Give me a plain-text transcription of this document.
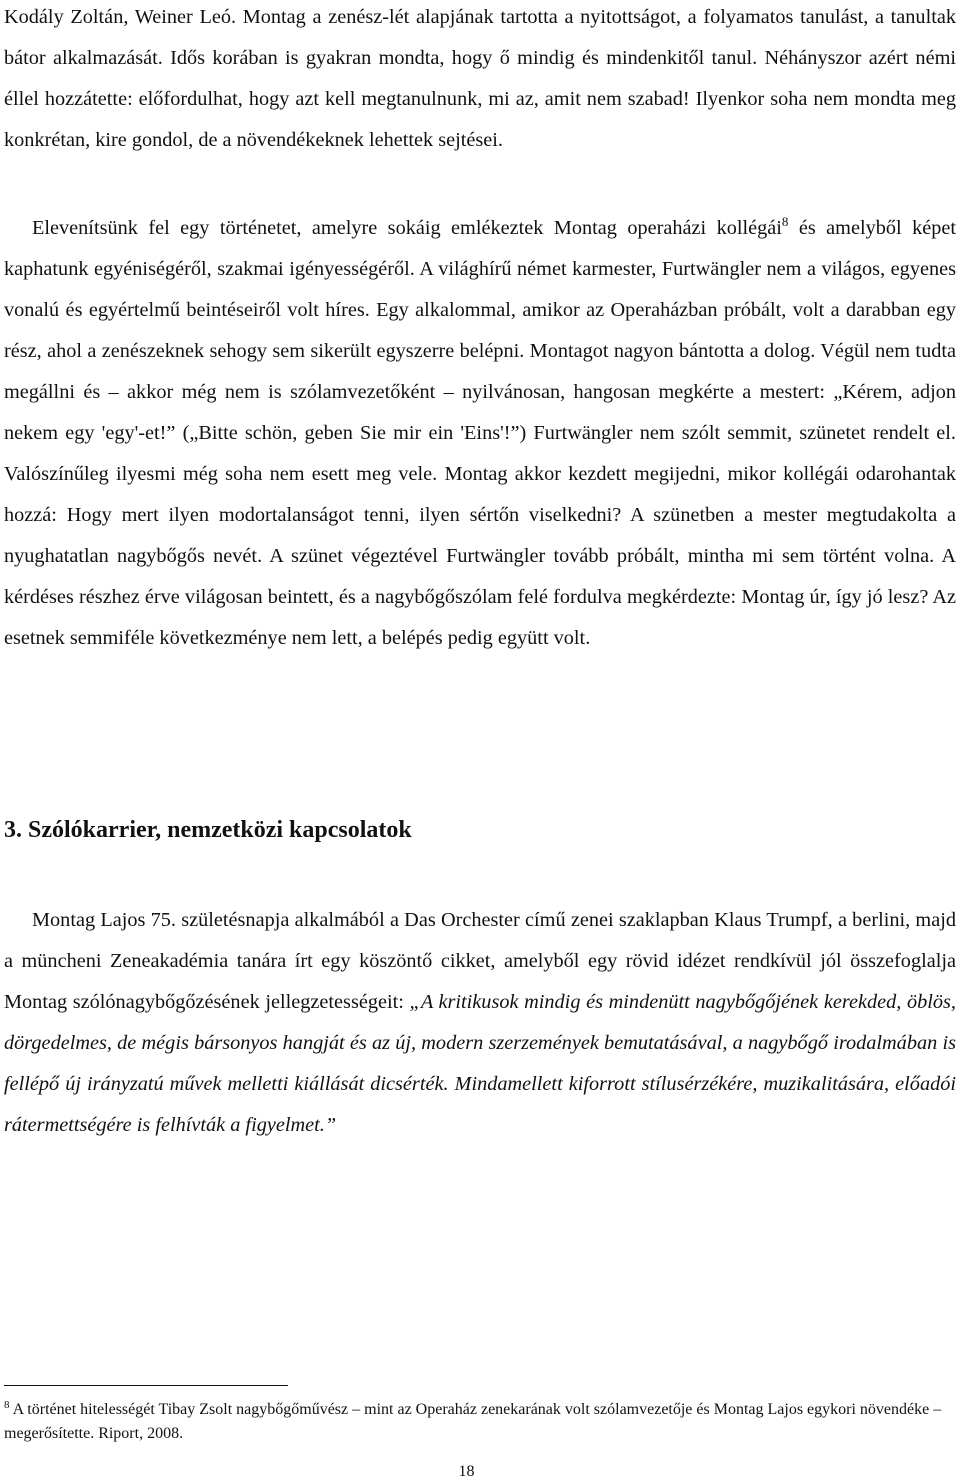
Kodály Zoltán, Weiner Leó. Montag a zenész-lét alapjának tartotta a nyitottságot, a folyamatos tanulást, a tanultak bátor alkalmazását. Idős korában is gyakran mondta, hogy ő mindig és mindenkitől tanul. Néhányszor azért némi éllel hozzátette: előfordulhat, hogy azt kell megtanulnunk, mi az, amit nem szabad! Ilyenkor soha nem mondta meg konkrétan, kire gondol, de a növendékeknek lehettek sejtései.

Elevenítsünk fel egy történetet, amelyre sokáig emlékeztek Montag operaházi kollégái$^8$ és amelyből képet kaphatunk egyéniségéről, szakmai igényességéről. A világhírű német karmester, Furtwängler nem a világos, egyenes vonalú és egyértelmű beintéseiről volt híres. Egy alkalommal, amikor az Operaházban próbált, volt a darabban egy rész, ahol a zenészeknek sehogy sem sikerült egyszerre belépni. Montagot nagyon bántotta a dolog. Végül nem tudta megállni és – akkor még nem is szólamvezetőként – nyilvánosan, hangosan megkérte a mestert: „Kérem, adjon nekem egy 'egy'-et!” („Bitte schön, geben Sie mir ein 'Eins'!”) Furtwängler nem szólt semmit, szünetet rendelt el. Valószínűleg ilyesmi még soha nem esett meg vele. Montag akkor kezdett megijedni, mikor kollégái odarohantak hozzá: Hogy mert ilyen modortalanságot tenni, ilyen sértőn viselkedni? A szünetben a mester megtudakolta a nyughatatlan nagybőgős nevét. A szünet végeztével Furtwängler tovább próbált, mintha mi sem történt volna. A kérdéses részhez érve világosan beintett, és a nagybőgőszólam felé fordulva megkérdezte: Montag úr, így jó lesz? Az esetnek semmiféle következménye nem lett, a belépés pedig együtt volt.

3. Szólókarrier, nemzetközi kapcsolatok

Montag Lajos 75. születésnapja alkalmából a Das Orchester című zenei szaklapban Klaus Trumpf, a berlini, majd a müncheni Zeneakadémia tanára írt egy köszöntő cikket, amelyből egy rövid idézet rendkívül jól összefoglalja Montag szólónagybőgőzésének jellegzetességeit: „A kritikusok mindig és mindenütt nagybőgőjének kerekded, öblös, dörgedelmes, de mégis bársonyos hangját és az új, modern szerzemények bemutatásával, a nagybőgő irodalmában is fellépő új irányzatú művek melletti kiállását dicsérték. Mindamellett kiforrott stílusérzékére, muzikalitására, előadói rátermettségére is felhívták a figyelmet.”

$^8$ A történet hitelességét Tibay Zsolt nagybőgőművész – mint az Operaház zenekarának volt szólamvezetője és Montag Lajos egykori növendéke – megerősítette. Riport, 2008.

18
